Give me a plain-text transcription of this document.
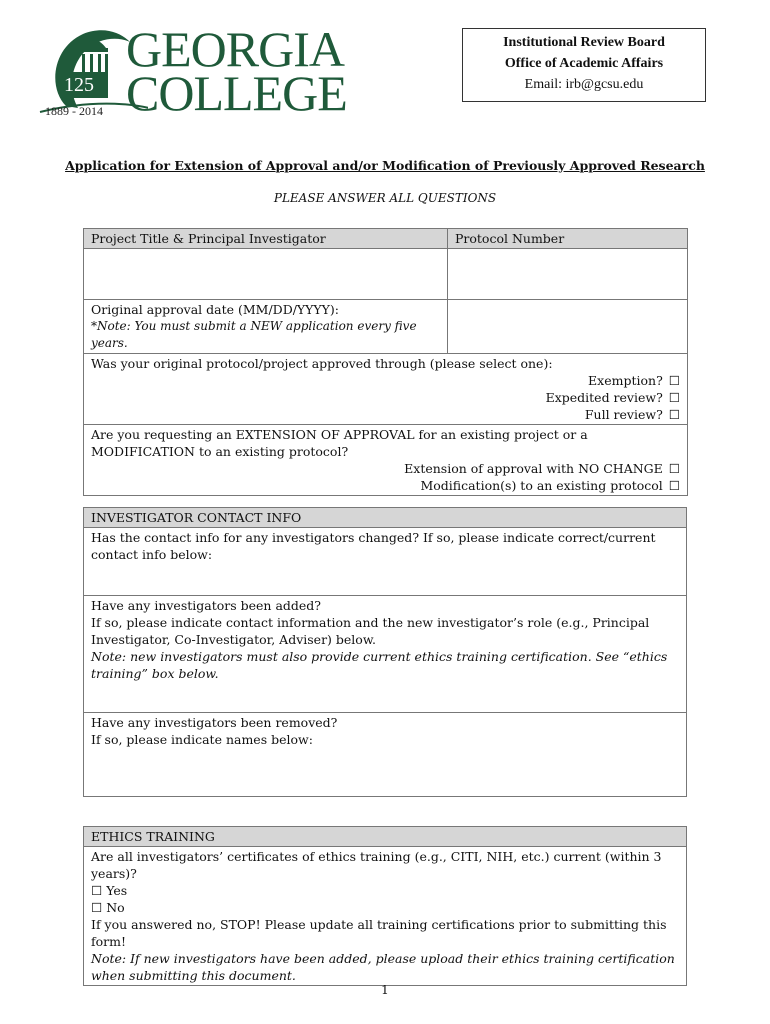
125
GEORGIA
COLLEGE
1889 - 2014
Institutional Review Board
Office of Academic Affairs
Email: irb@gcsu.edu
Application for Extension of Approval and/or Modification of Previously Approved Research
PLEASE ANSWER ALL QUESTIONS
Project Title & Principal Investigator	Protocol Number

Original approval date (MM/DD/YYYY):
*Note: You must submit a NEW application every five years.	

Was your original protocol/project approved through (please select one):
Exemption? ☐
Expedited review? ☐
Full review? ☐	

Are you requesting an EXTENSION OF APPROVAL for an existing project or a MODIFICATION to an existing protocol?
Extension of approval with NO CHANGE ☐
Modification(s) to an existing protocol ☐	
INVESTIGATOR CONTACT INFO

Has the contact info for any investigators changed? If so, please indicate correct/current contact info below:

Have any investigators been added?
If so, please indicate contact information and the new investigator’s role (e.g., Principal Investigator, Co-Investigator, Adviser) below.
Note: new investigators must also provide current ethics training certification. See “ethics training” box below.

Have any investigators been removed?
If so, please indicate names below:
ETHICS TRAINING

Are all investigators’ certificates of ethics training (e.g., CITI, NIH, etc.) current (within 3 years)?
☐ Yes
☐ No
If you answered no, STOP! Please update all training certifications prior to submitting this form!
Note: If new investigators have been added, please upload their ethics training certification when submitting this document.
1
